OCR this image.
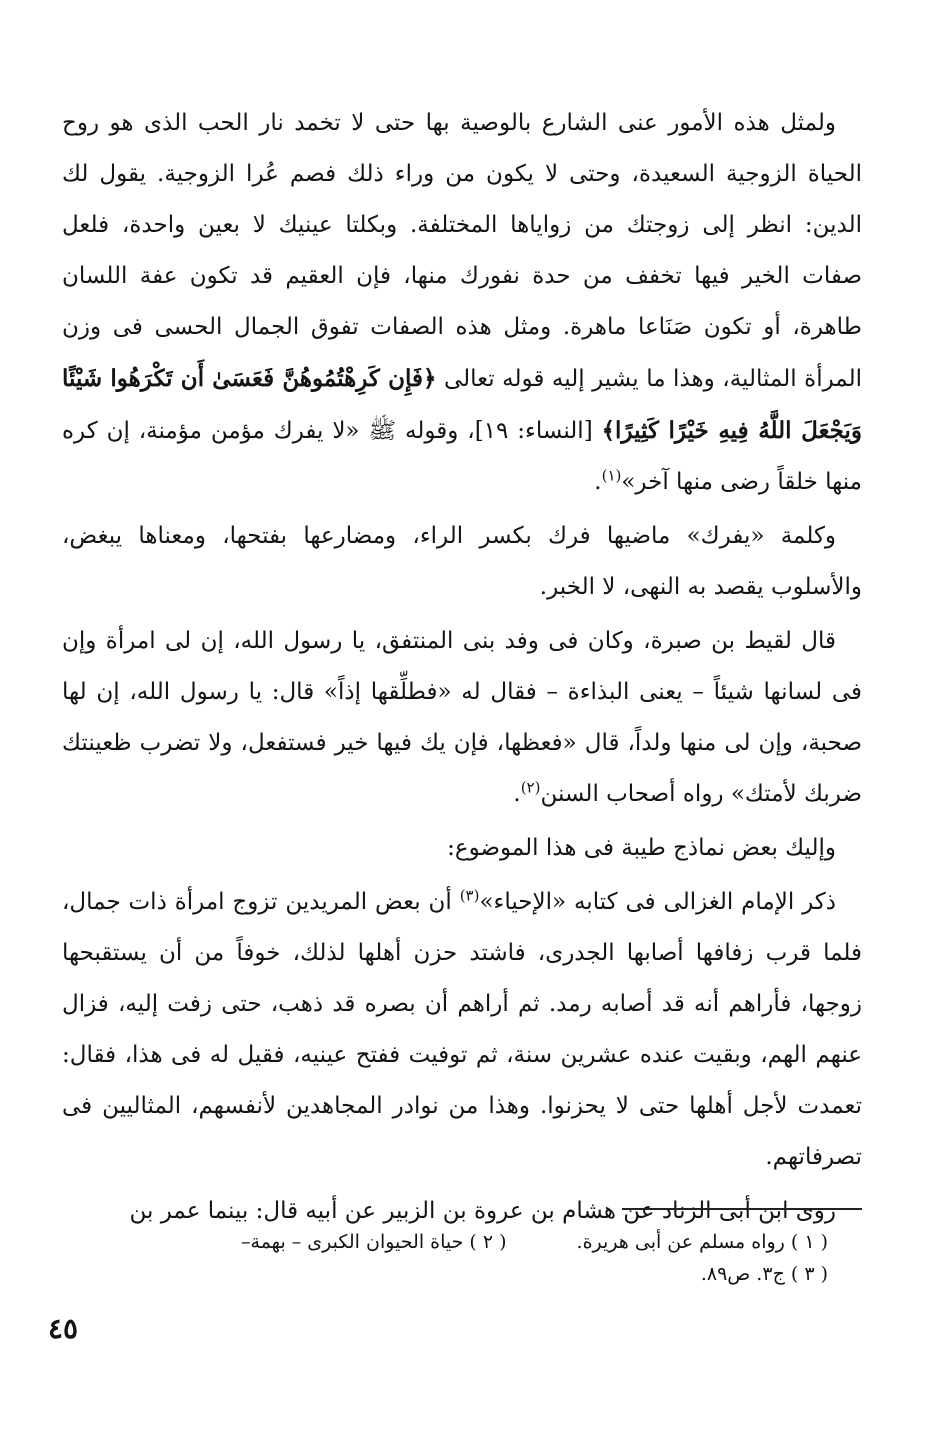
ولمثل هذه الأمور عنى الشارع بالوصية بها حتى لا تخمد نار الحب الذى هو روح الحياة الزوجية السعيدة، وحتى لا يكون من وراء ذلك فصم عُرا الزوجية. يقول لك الدين: انظر إلى زوجتك من زواياها المختلفة. وبكلتا عينيك لا بعين واحدة، فلعل صفات الخير فيها تخفف من حدة نفورك منها، فإن العقيم قد تكون عفة اللسان طاهرة، أو تكون صَنَاعا ماهرة. ومثل هذه الصفات تفوق الجمال الحسى فى وزن المرأة المثالية، وهذا ما يشير إليه قوله تعالى ﴿فَإِن كَرِهْتُمُوهُنَّ فَعَسَىٰ أَن تَكْرَهُوا شَيْئًا وَيَجْعَلَ اللَّهُ فِيهِ خَيْرًا كَثِيرًا﴾ [النساء: ١٩]، وقوله ﷺ «لا يفرك مؤمن مؤمنة، إن كره منها خلقاً رضى منها آخر»$^{(١)}$.

وكلمة «يفرك» ماضيها فرك بكسر الراء، ومضارعها بفتحها، ومعناها يبغض، والأسلوب يقصد به النهى، لا الخبر.

قال لقيط بن صبرة، وكان فى وفد بنى المنتفق، يا رسول الله، إن لى امرأة وإن فى لسانها شيئاً – يعنى البذاءة – فقال له «فطلِّقها إذاً» قال: يا رسول الله، إن لها صحبة، وإن لى منها ولداً، قال «فعظها، فإن يك فيها خير فستفعل، ولا تضرب ظعينتك ضربك لأمتك» رواه أصحاب السنن$^{(٢)}$.

وإليك بعض نماذج طيبة فى هذا الموضوع:

ذكر الإمام الغزالى فى كتابه «الإحياء»$^{(٣)}$ أن بعض المريدين تزوج امرأة ذات جمال، فلما قرب زفافها أصابها الجدرى، فاشتد حزن أهلها لذلك، خوفاً من أن يستقبحها زوجها، فأراهم أنه قد أصابه رمد. ثم أراهم أن بصره قد ذهب، حتى زفت إليه، فزال عنهم الهم، وبقيت عنده عشرين سنة، ثم توفيت ففتح عينيه، فقيل له فى هذا، فقال: تعمدت لأجل أهلها حتى لا يحزنوا. وهذا من نوادر المجاهدين لأنفسهم، المثاليين فى تصرفاتهم.

روى ابن أبى الزناد عن هشام بن عروة بن الزبير عن أبيه قال: بينما عمر بن

( ١ ) رواه مسلم عن أبى هريرة.
( ٢ ) حياة الحيوان الكبرى – بهمة–
( ٣ ) ج٣. ص٨٩.
٤٥
